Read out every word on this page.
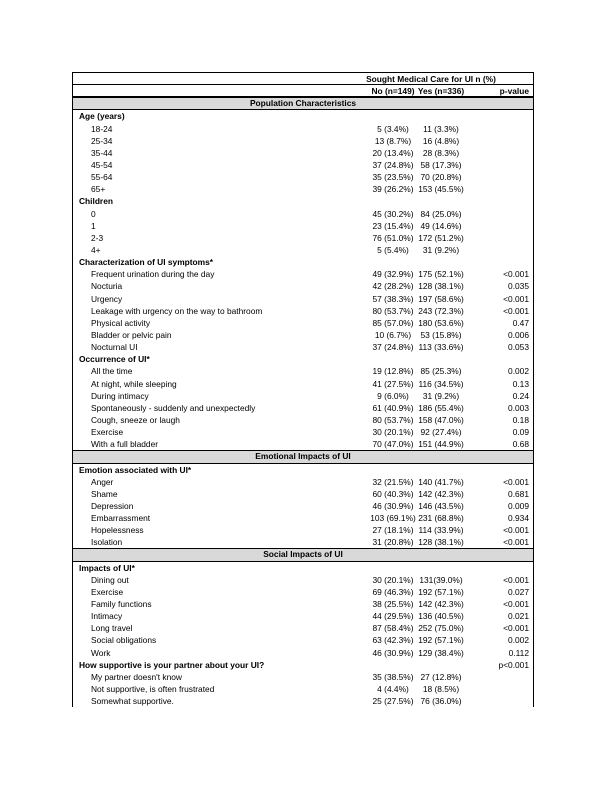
Sought Medical Care for UI n (%)
No (n=149) Yes (n=336)	p-value
Population Characteristics
Age (years)
18-24	5 (3.4%)	11 (3.3%)
25-34	13 (8.7%)	16 (4.8%)
35-44	20 (13.4%)	28 (8.3%)
45-54	37 (24.8%) 58 (17.3%)
55-64	35 (23.5%) 70 (20.8%)
65+	39 (26.2%) 153 (45.5%)
Children
0	45 (30.2%) 84 (25.0%)
1	23 (15.4%) 49 (14.6%)
2-3	76 (51.0%) 172 (51.2%)
4+	5 (5.4%)	31 (9.2%)
Characterization of UI symptoms*
Frequent urination during the day	49 (32.9%) 175 (52.1%)	<0.001
Nocturia	42 (28.2%) 128 (38.1%)	0.035
Urgency	57 (38.3%) 197 (58.6%)	<0.001
Leakage with urgency on the way to bathroom	80 (53.7%) 243 (72.3%)	<0.001
Physical activity	85 (57.0%) 180 (53.6%)	0.47
Bladder or pelvic pain	10 (6.7%)	53 (15.8%)	0.006
Nocturnal UI	37 (24.8%) 113 (33.6%)	0.053
Occurrence of UI*
All the time	19 (12.8%) 85 (25.3%)	0.002
At night, while sleeping	41 (27.5%) 116 (34.5%)	0.13
During intimacy	9 (6.0%)	31 (9.2%)	0.24
Spontaneously - suddenly and unexpectedly	61 (40.9%) 186 (55.4%)	0.003
Cough, sneeze or laugh	80 (53.7%) 158 (47.0%)	0.18
Exercise	30 (20.1%) 92 (27.4%)	0.09
With a full bladder	70 (47.0%) 151 (44.9%)	0.68
Emotional Impacts of UI
Emotion associated with UI*
Anger	32 (21.5%) 140 (41.7%)	<0.001
Shame	60 (40.3%) 142 (42.3%)	0.681
Depression	46 (30.9%) 146 (43.5%)	0.009
Embarrassment	103 (69.1%) 231 (68.8%)	0.934
Hopelessness	27 (18.1%) 114 (33.9%)	<0.001
Isolation	31 (20.8%) 128 (38.1%)	<0.001
Social Impacts of UI
Impacts of UI*
Dining out	30 (20.1%) 131(39.0%)	<0.001
Exercise	69 (46.3%) 192 (57.1%)	0.027
Family functions	38 (25.5%) 142 (42.3%)	<0.001
Intimacy	44 (29.5%) 136 (40.5%)	0.021
Long travel	87 (58.4%) 252 (75.0%)	<0.001
Social obligations	63 (42.3%) 192 (57.1%)	0.002
Work	46 (30.9%) 129 (38.4%)	0.112
How supportive is your partner about your UI?	p<0.001
My partner doesn't know	35 (38.5%) 27 (12.8%)
Not supportive, is often frustrated	4 (4.4%)	18 (8.5%)
Somewhat supportive.	25 (27.5%) 76 (36.0%)
